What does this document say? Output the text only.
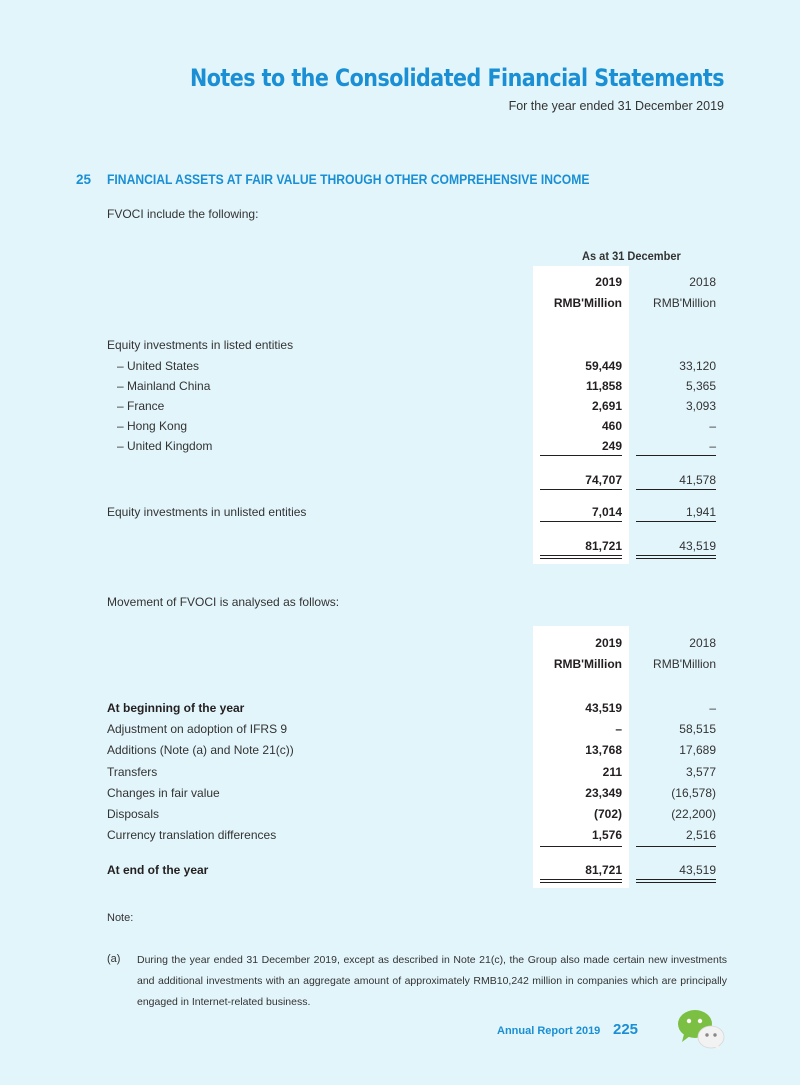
Notes to the Consolidated Financial Statements
For the year ended 31 December 2019
25 FINANCIAL ASSETS AT FAIR VALUE THROUGH OTHER COMPREHENSIVE INCOME
FVOCI include the following:
As at 31 December
2019	2018
RMB'Million	RMB'Million
Equity investments in listed entities
– United States	59,449	33,120
– Mainland China	11,858	5,365
– France	2,691	3,093
– Hong Kong	460	–
– United Kingdom	249	–
74,707	41,578
Equity investments in unlisted entities	7,014	1,941
81,721	43,519
Movement of FVOCI is analysed as follows:
2019	2018
RMB'Million	RMB'Million
At beginning of the year	43,519	–
Adjustment on adoption of IFRS 9	–	58,515
Additions (Note (a) and Note 21(c))	13,768	17,689
Transfers	211	3,577
Changes in fair value	23,349	(16,578)
Disposals	(702)	(22,200)
Currency translation differences	1,576	2,516
At end of the year	81,721	43,519
Note:
(a) During the year ended 31 December 2019, except as described in Note 21(c), the Group also made certain new investments and additional investments with an aggregate amount of approximately RMB10,242 million in companies which are principally engaged in Internet-related business.
Annual Report 2019 225
